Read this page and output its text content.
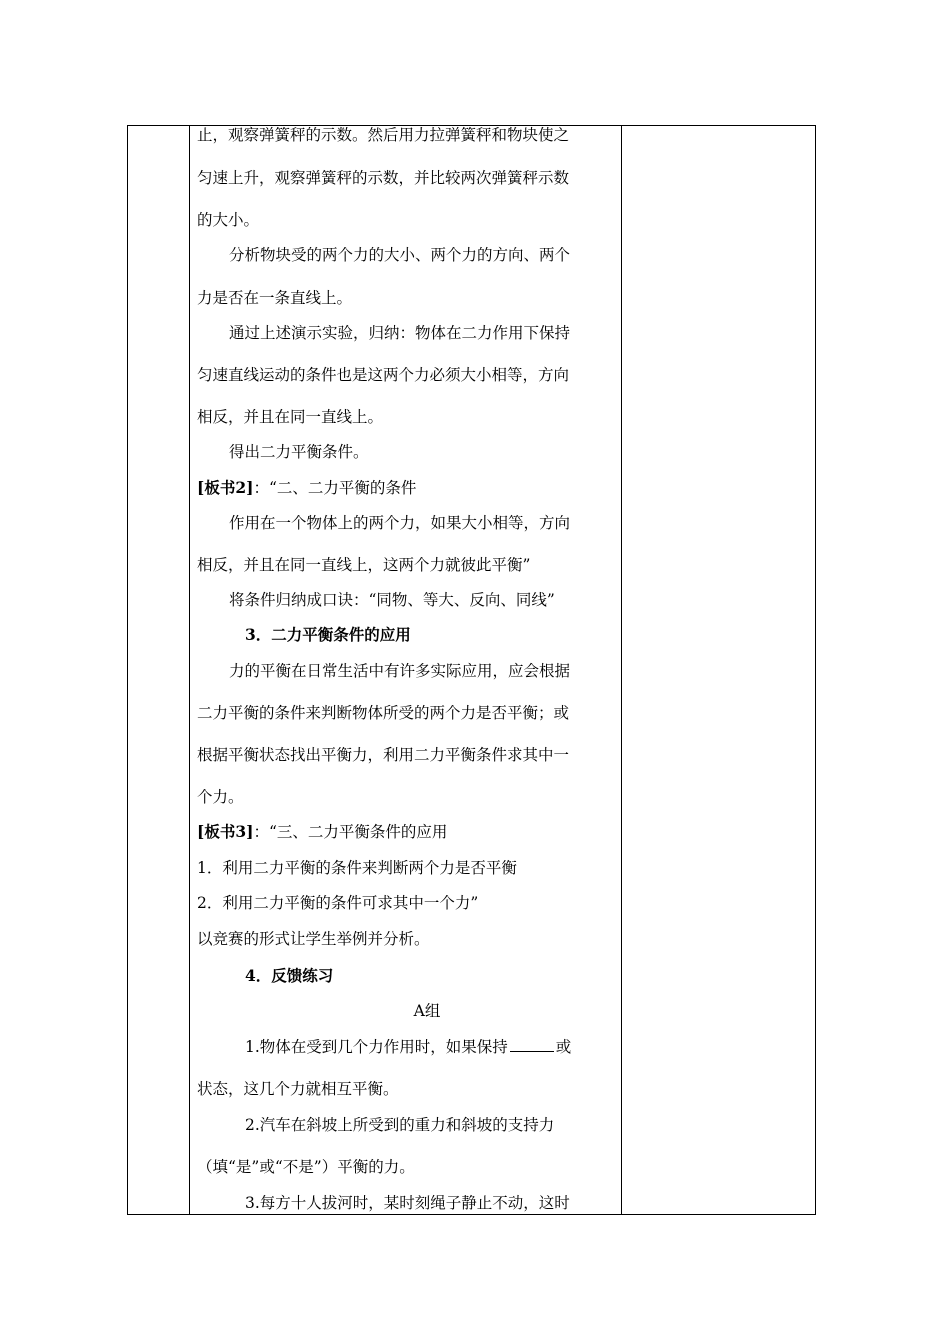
止，观察弹簧秤的示数。然后用力拉弹簧秤和物块使之
匀速上升，观察弹簧秤的示数，并比较两次弹簧秤示数
的大小。
分析物块受的两个力的大小、两个力的方向、两个
力是否在一条直线上。
通过上述演示实验，归纳：物体在二力作用下保持
匀速直线运动的条件也是这两个力必须大小相等，方向
相反，并且在同一直线上。
得出二力平衡条件。
[板书2]：“二、二力平衡的条件
作用在一个物体上的两个力，如果大小相等，方向
相反，并且在同一直线上，这两个力就彼此平衡”
将条件归纳成口诀：“同物、等大、反向、同线”
3．二力平衡条件的应用
力的平衡在日常生活中有许多实际应用，应会根据
二力平衡的条件来判断物体所受的两个力是否平衡；或
根据平衡状态找出平衡力，利用二力平衡条件求其中一
个力。
[板书3]：“三、二力平衡条件的应用
1．利用二力平衡的条件来判断两个力是否平衡
2．利用二力平衡的条件可求其中一个力”
以竞赛的形式让学生举例并分析。
4．反馈练习
A组
1.物体在受到几个力作用时，如果保持	或
状态，这几个力就相互平衡。
2.汽车在斜坡上所受到的重力和斜坡的支持力
（填“是”或“不是”）平衡的力。
3.每方十人拔河时，某时刻绳子静止不动，这时
